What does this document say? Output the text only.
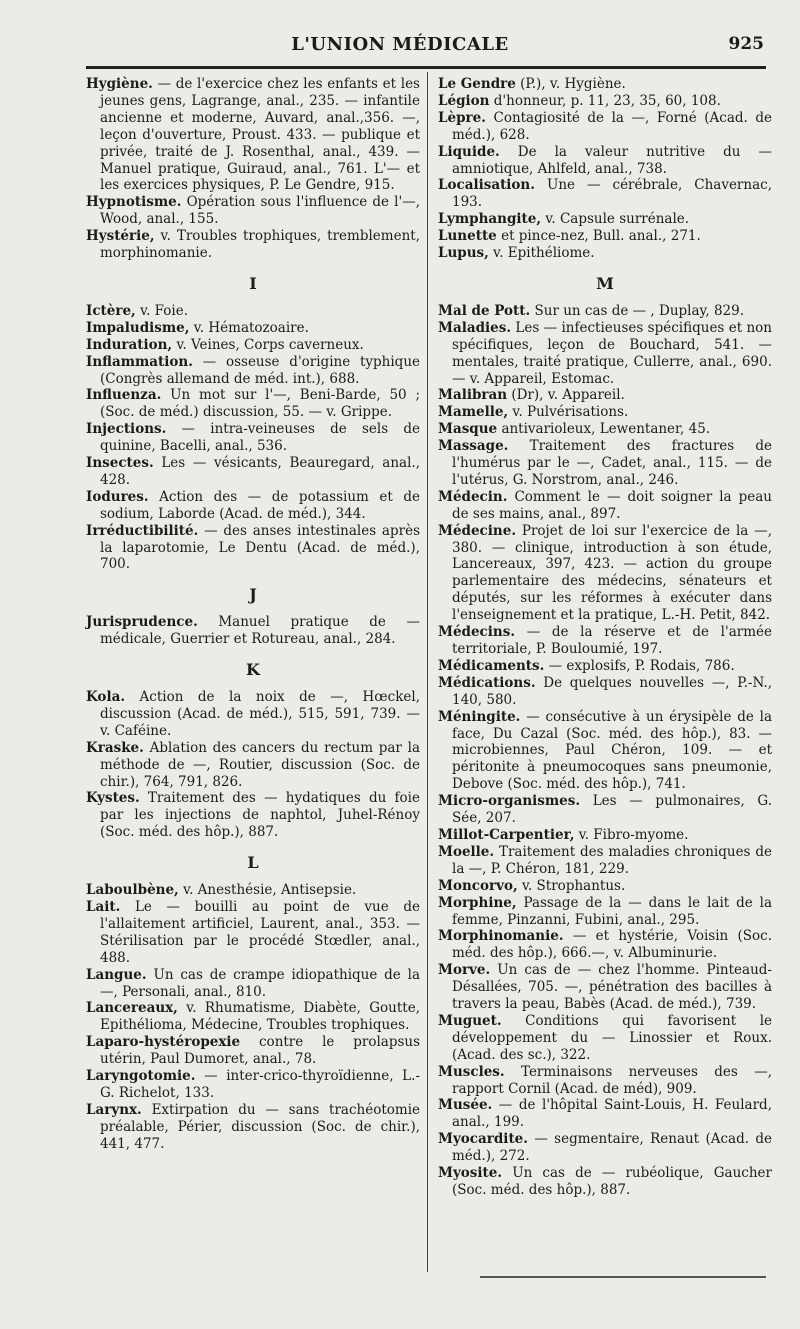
L'UNION MÉDICALE	925

Hygiène. — de l'exercice chez les enfants et les jeunes gens, Lagrange, anal., 235. — infantile ancienne et moderne, Auvard, anal.,356. —, leçon d'ouverture, Proust. 433. — publique et privée, traité de J. Rosenthal, anal., 439. — Manuel pratique, Guiraud, anal., 761. L'— et les exercices physiques, P. Le Gendre, 915.

Hypnotisme. Opération sous l'influence de l'—, Wood, anal., 155.

Hystérie, v. Troubles trophiques, tremblement, morphinomanie.

I

Ictère, v. Foie.

Impaludisme, v. Hématozoaire.

Induration, v. Veines, Corps caverneux.

Inflammation. — osseuse d'origine typhique (Congrès allemand de méd. int.), 688.

Influenza. Un mot sur l'—, Beni-Barde, 50 ; (Soc. de méd.) discussion, 55. — v. Grippe.

Injections. — intra-veineuses de sels de quinine, Bacelli, anal., 536.

Insectes. Les — vésicants, Beauregard, anal., 428.

Iodures. Action des — de potassium et de sodium, Laborde (Acad. de méd.), 344.

Irréductibilité. — des anses intestinales après la laparotomie, Le Dentu (Acad. de méd.), 700.

J

Jurisprudence. Manuel pratique de — médicale, Guerrier et Rotureau, anal., 284.

K

Kola. Action de la noix de —, Hœckel, discussion (Acad. de méd.), 515, 591, 739. — v. Caféine.

Kraske. Ablation des cancers du rectum par la méthode de —, Routier, discussion (Soc. de chir.), 764, 791, 826.

Kystes. Traitement des — hydatiques du foie par les injections de naphtol, Juhel-Rénoy (Soc. méd. des hôp.), 887.

L

Laboulbène, v. Anesthésie, Antisepsie.

Lait. Le — bouilli au point de vue de l'allaitement artificiel, Laurent, anal., 353. — Stérilisation par le procédé Stœdler, anal., 488.

Langue. Un cas de crampe idiopathique de la —, Personali, anal., 810.

Lancereaux, v. Rhumatisme, Diabète, Goutte, Epithélioma, Médecine, Troubles trophiques.

Laparo-hystéropexie contre le prolapsus utérin, Paul Dumoret, anal., 78.

Laryngotomie. — inter-crico-thyroïdienne, L.-G. Richelot, 133.

Larynx. Extirpation du — sans trachéotomie préalable, Périer, discussion (Soc. de chir.), 441, 477.

Le Gendre (P.), v. Hygiène.

Légion d'honneur, p. 11, 23, 35, 60, 108.

Lèpre. Contagiosité de la —, Forné (Acad. de méd.), 628.

Liquide. De la valeur nutritive du — amniotique, Ahlfeld, anal., 738.

Localisation. Une — cérébrale, Chavernac, 193.

Lymphangite, v. Capsule surrénale.

Lunette et pince-nez, Bull. anal., 271.

Lupus, v. Epithéliome.

M

Mal de Pott. Sur un cas de — , Duplay, 829.

Maladies. Les — infectieuses spécifiques et non spécifiques, leçon de Bouchard, 541. — mentales, traité pratique, Cullerre, anal., 690. — v. Appareil, Estomac.

Malibran (Dr), v. Appareil.

Mamelle, v. Pulvérisations.

Masque antivarioleux, Lewentaner, 45.

Massage. Traitement des fractures de l'humérus par le —, Cadet, anal., 115. — de l'utérus, G. Norstrom, anal., 246.

Médecin. Comment le — doit soigner la peau de ses mains, anal., 897.

Médecine. Projet de loi sur l'exercice de la —, 380. — clinique, introduction à son étude, Lancereaux, 397, 423. — action du groupe parlementaire des médecins, sénateurs et députés, sur les réformes à exécuter dans l'enseignement et la pratique, L.-H. Petit, 842.

Médecins. — de la réserve et de l'armée territoriale, P. Bouloumié, 197.

Médicaments. — explosifs, P. Rodais, 786.

Médications. De quelques nouvelles —, P.-N., 140, 580.

Méningite. — consécutive à un érysipèle de la face, Du Cazal (Soc. méd. des hôp.), 83. — microbiennes, Paul Chéron, 109. — et péritonite à pneumocoques sans pneumonie, Debove (Soc. méd. des hôp.), 741.

Micro-organismes. Les — pulmonaires, G. Sée, 207.

Millot-Carpentier, v. Fibro-myome.

Moelle. Traitement des maladies chroniques de la —, P. Chéron, 181, 229.

Moncorvo, v. Strophantus.

Morphine, Passage de la — dans le lait de la femme, Pinzanni, Fubini, anal., 295.

Morphinomanie. — et hystérie, Voisin (Soc. méd. des hôp.), 666.—, v. Albuminurie.

Morve. Un cas de — chez l'homme. Pinteaud-Désallées, 705. —, pénétration des bacilles à travers la peau, Babès (Acad. de méd.), 739.

Muguet. Conditions qui favorisent le développement du — Linossier et Roux. (Acad. des sc.), 322.

Muscles. Terminaisons nerveuses des —, rapport Cornil (Acad. de méd), 909.

Musée. — de l'hôpital Saint-Louis, H. Feulard, anal., 199.

Myocardite. — segmentaire, Renaut (Acad. de méd.), 272.

Myosite. Un cas de — rubéolique, Gaucher (Soc. méd. des hôp.), 887.
